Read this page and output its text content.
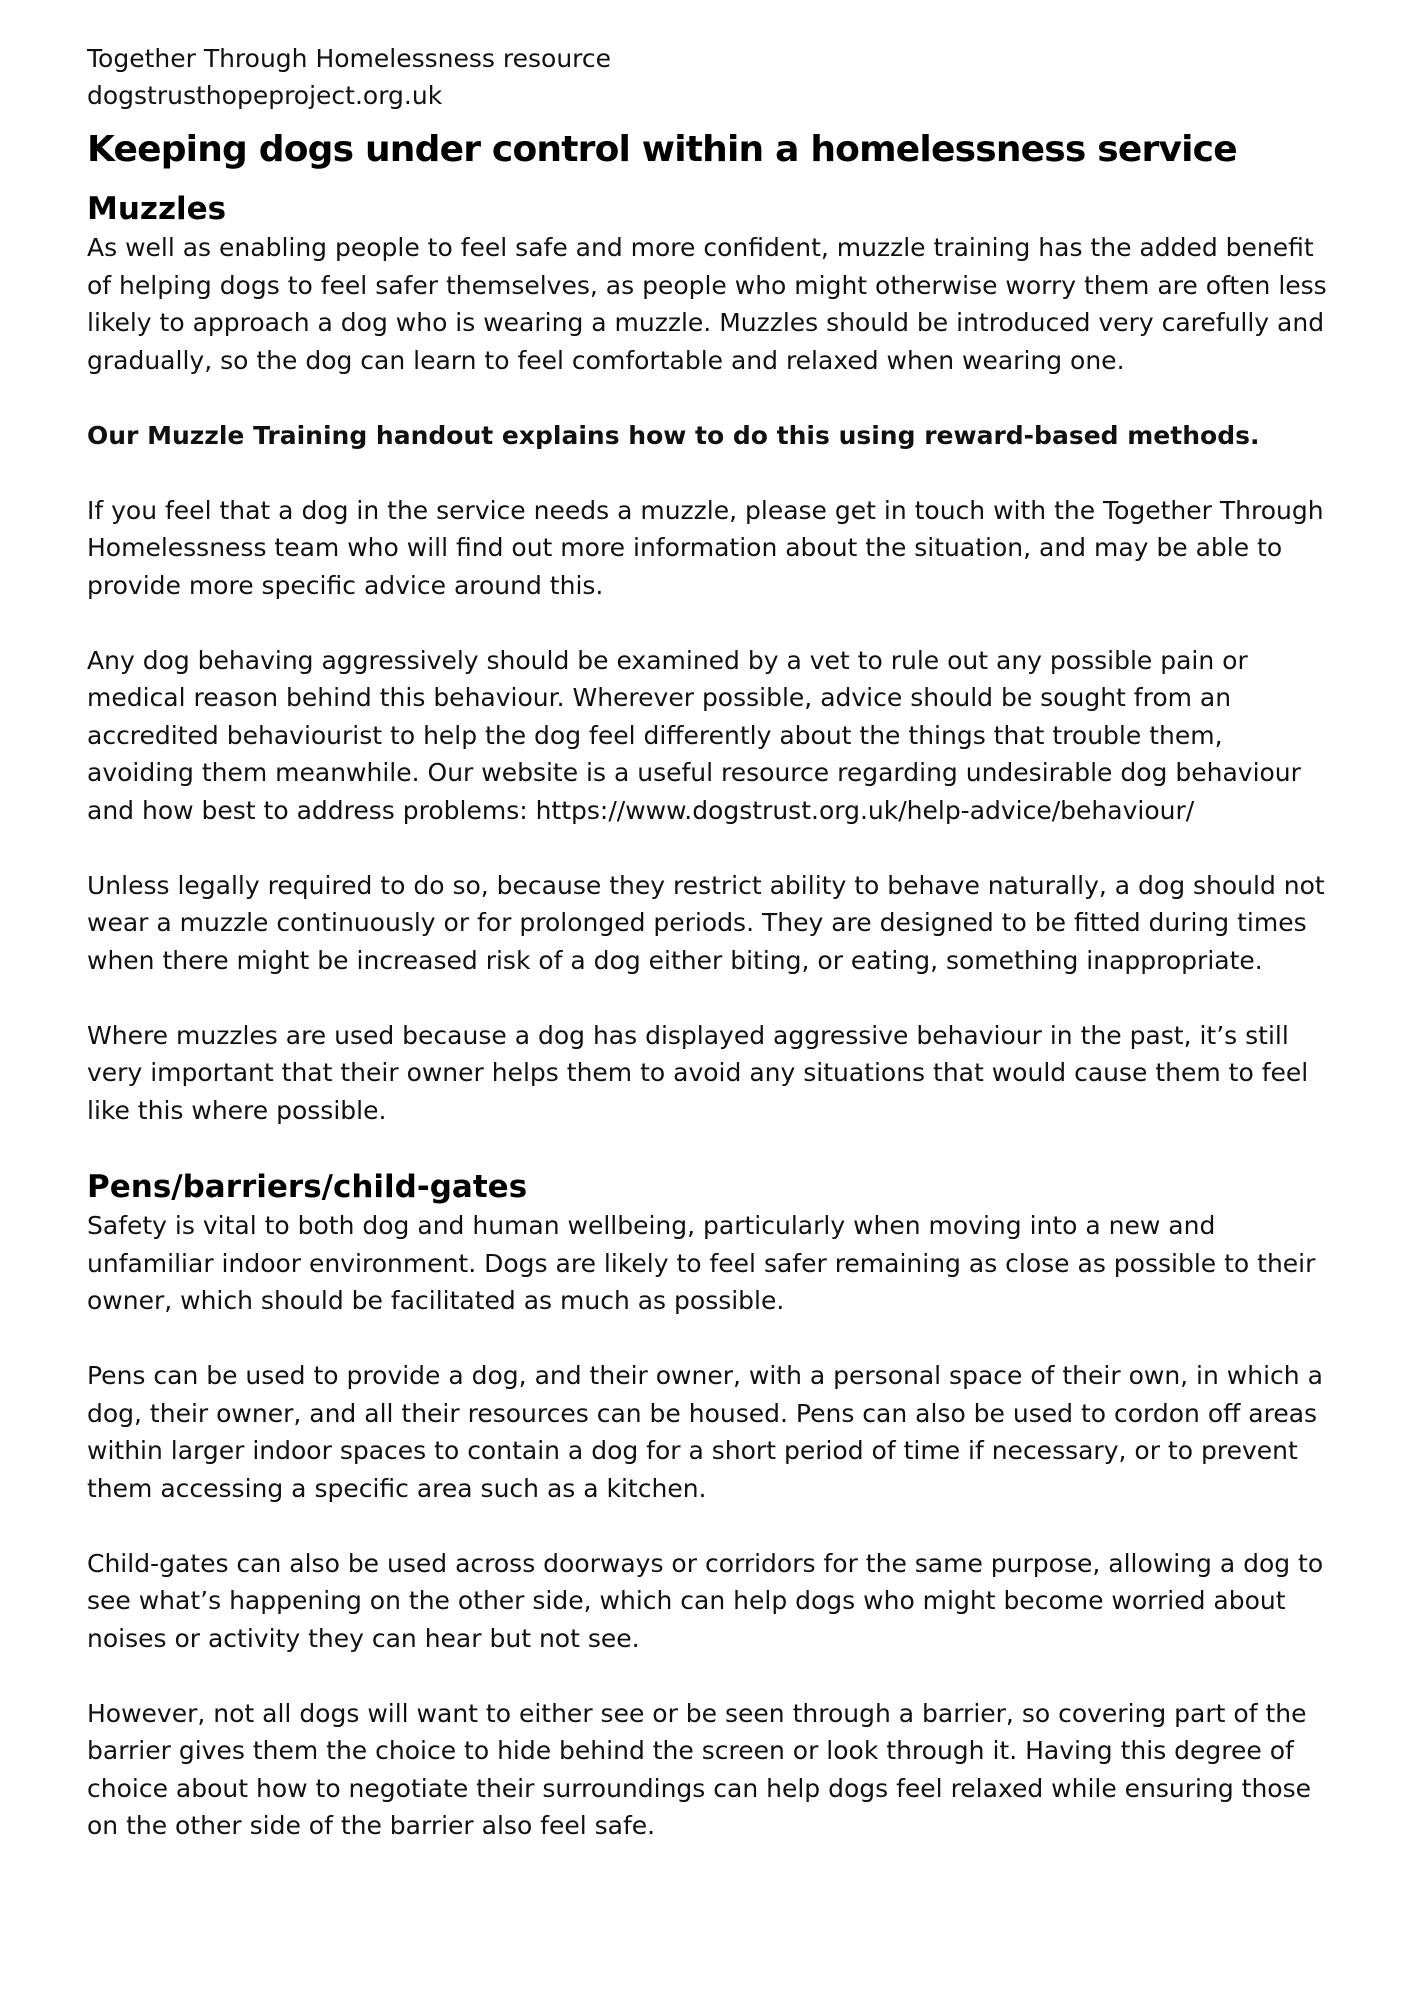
Together Through Homelessness resource

dogstrusthopeproject.org.uk

Keeping dogs under control within a homelessness service
Muzzles

As well as enabling people to feel safe and more confident, muzzle training has the added benefit of helping dogs to feel safer themselves, as people who might otherwise worry them are often less likely to approach a dog who is wearing a muzzle. Muzzles should be introduced very carefully and gradually, so the dog can learn to feel comfortable and relaxed when wearing one.

Our Muzzle Training handout explains how to do this using reward-based methods.

If you feel that a dog in the service needs a muzzle, please get in touch with the Together Through Homelessness team who will find out more information about the situation, and may be able to provide more specific advice around this.

Any dog behaving aggressively should be examined by a vet to rule out any possible pain or medical reason behind this behaviour. Wherever possible, advice should be sought from an accredited behaviourist to help the dog feel differently about the things that trouble them, avoiding them meanwhile. Our website is a useful resource regarding undesirable dog behaviour and how best to address problems: https://www.dogstrust.org.uk/help-advice/behaviour/

Unless legally required to do so, because they restrict ability to behave naturally, a dog should not wear a muzzle continuously or for prolonged periods. They are designed to be fitted during times when there might be increased risk of a dog either biting, or eating, something inappropriate.

Where muzzles are used because a dog has displayed aggressive behaviour in the past, it’s still very important that their owner helps them to avoid any situations that would cause them to feel like this where possible.

Pens/barriers/child-gates

Safety is vital to both dog and human wellbeing, particularly when moving into a new and unfamiliar indoor environment. Dogs are likely to feel safer remaining as close as possible to their owner, which should be facilitated as much as possible.

Pens can be used to provide a dog, and their owner, with a personal space of their own, in which a dog, their owner, and all their resources can be housed. Pens can also be used to cordon off areas within larger indoor spaces to contain a dog for a short period of time if necessary, or to prevent them accessing a specific area such as a kitchen.

Child-gates can also be used across doorways or corridors for the same purpose, allowing a dog to see what’s happening on the other side, which can help dogs who might become worried about noises or activity they can hear but not see.

However, not all dogs will want to either see or be seen through a barrier, so covering part of the barrier gives them the choice to hide behind the screen or look through it. Having this degree of choice about how to negotiate their surroundings can help dogs feel relaxed while ensuring those on the other side of the barrier also feel safe.
